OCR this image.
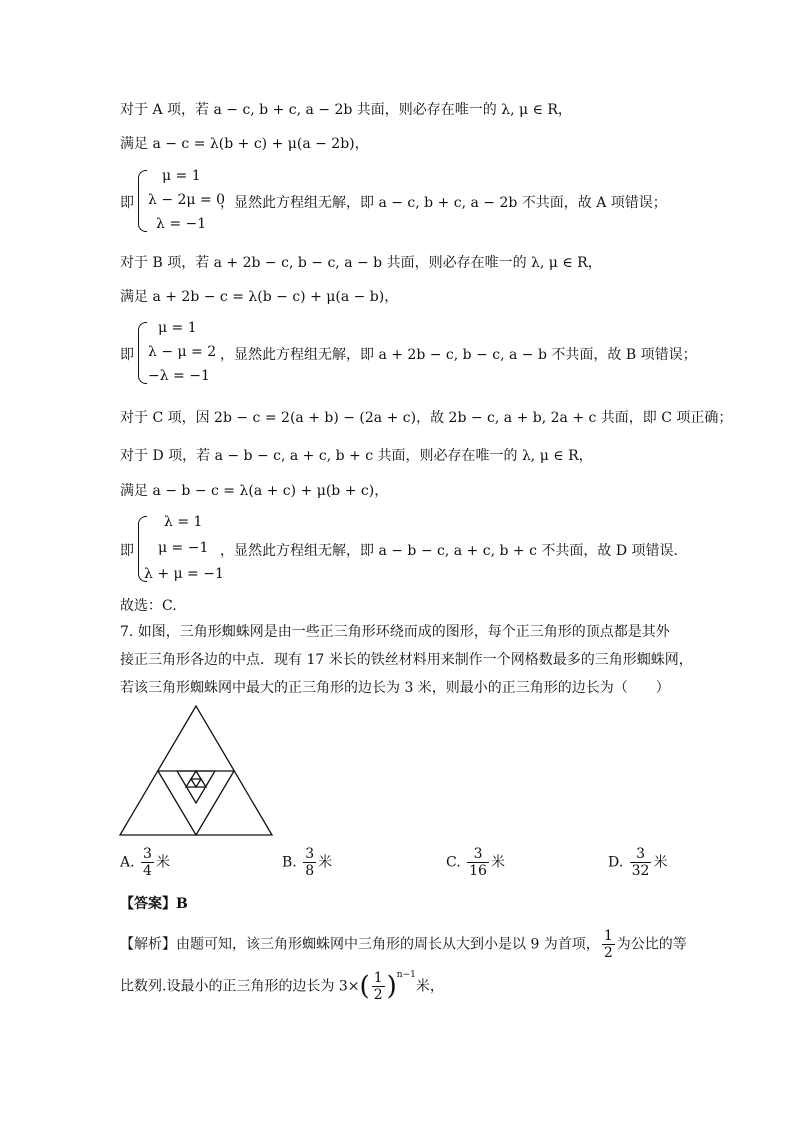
对于 A 项，若 a − c, b + c, a − 2b 共面，则必存在唯一的 λ, μ ∈ R，
满足 a − c = λ(b + c) + μ(a − 2b)，
即
μ = 1
λ − 2μ = 0
λ = −1
，显然此方程组无解，即 a − c, b + c, a − 2b 不共面，故 A 项错误；
对于 B 项，若 a + 2b − c, b − c, a − b 共面，则必存在唯一的 λ, μ ∈ R，
满足 a + 2b − c = λ(b − c) + μ(a − b)，
即
μ = 1
λ − μ = 2
−λ = −1
，显然此方程组无解，即 a + 2b − c, b − c, a − b 不共面，故 B 项错误；
对于 C 项，因 2b − c = 2(a + b) − (2a + c)，故 2b − c, a + b, 2a + c 共面，即 C 项正确；
对于 D 项，若 a − b − c, a + c, b + c 共面，则必存在唯一的 λ, μ ∈ R，
满足 a − b − c = λ(a + c) + μ(b + c)，
即
λ = 1
μ = −1
λ + μ = −1
，显然此方程组无解，即 a − b − c, a + c, b + c 不共面，故 D 项错误.
故选：C.
7. 如图，三角形蜘蛛网是由一些正三角形环绕而成的图形，每个正三角形的顶点都是其外
接正三角形各边的中点．现有 17 米长的铁丝材料用来制作一个网格数最多的三角形蜘蛛网，
若该三角形蜘蛛网中最大的正三角形的边长为 3 米，则最小的正三角形的边长为（　　）
A. $\frac{3}{4}$ 米	B. $\frac{3}{8}$ 米	C. $\frac{3}{16}$ 米	D. $\frac{3}{32}$ 米
【答案】B
【解析】由题可知，该三角形蜘蛛网中三角形的周长从大到小是以 9 为首项， $\frac{1}{2}$ 为公比的等
比数列.设最小的正三角形的边长为 $3\times( \frac{1}{2} )^{n-1}$米，
